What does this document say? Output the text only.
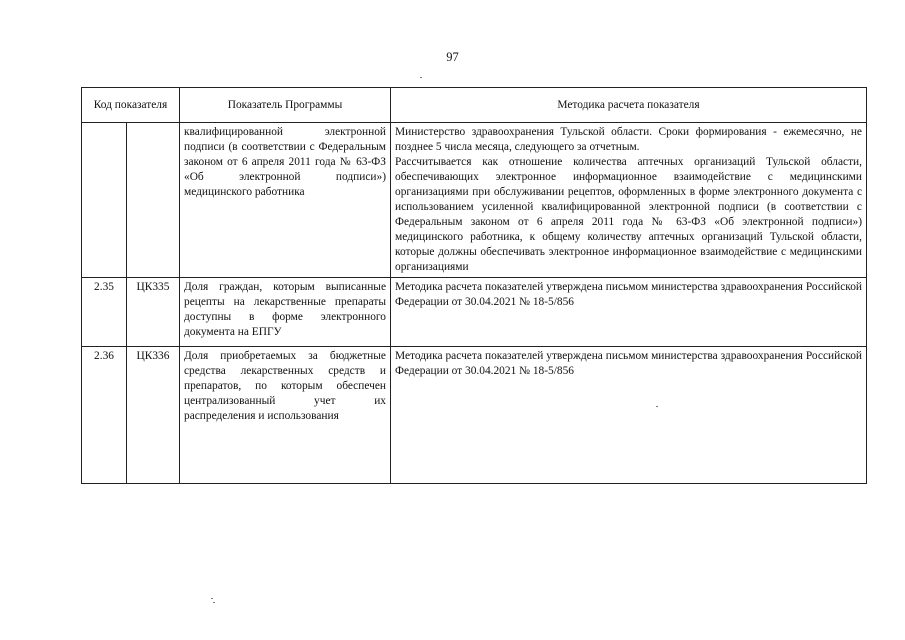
97
Код показателя		Показатель Программы	Методика расчета показателя
		квалифицированной электронной подписи (в соответствии с Федеральным законом от 6 апреля 2011 года № 63-ФЗ «Об электронной подписи») медицинского работника	Министерство здравоохранения Тульской области. Сроки формирования - ежемесячно, не позднее 5 числа месяца, следующего за отчетным.
Рассчитывается как отношение количества аптечных организаций Тульской области, обеспечивающих электронное информационное взаимодействие с медицинскими организациями при обслуживании рецептов, оформленных в форме электронного документа с использованием усиленной квалифицированной электронной подписи (в соответствии с Федеральным законом от 6 апреля 2011 года № 63-ФЗ «Об электронной подписи») медицинского работника, к общему количеству аптечных организаций Тульской области, которые должны обеспечивать электронное информационное взаимодействие с медицинскими организациями

2.35	ЦК335	Доля граждан, которым выписанные рецепты на лекарственные препараты доступны в форме электронного документа на ЕПГУ	Методика расчета показателей утверждена письмом министерства здравоохранения Российской Федерации от 30.04.2021 № 18-5/856
2.36	ЦК336	Доля приобретаемых за бюджетные средства лекарственных средств и препаратов, по которым обеспечен централизованный учет их распределения и использования	Методика расчета показателей утверждена письмом министерства здравоохранения Российской Федерации от 30.04.2021 № 18-5/856
